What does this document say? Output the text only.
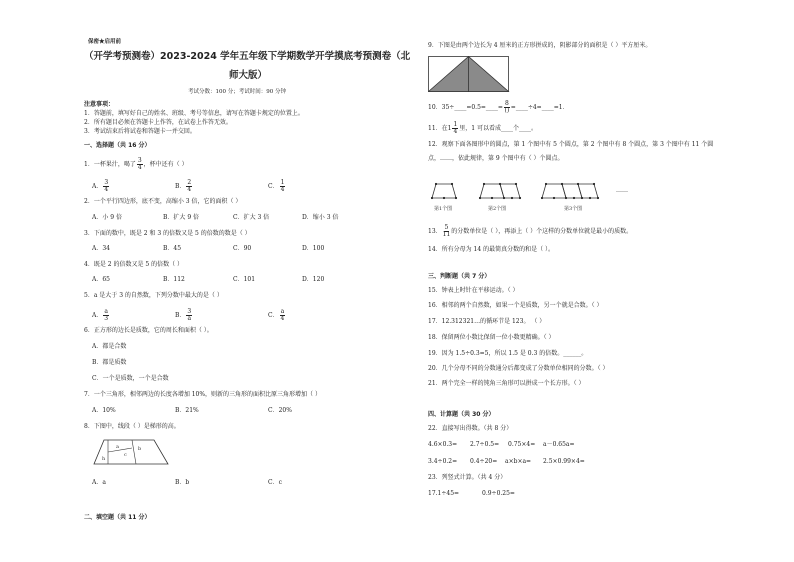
保密★启用前
（开学考预测卷）2023-2024 学年五年级下学期数学开学摸底考预测卷（北
师大版）
考试分数：100 分；考试时间：90 分钟
注意事项：
1．答题前，填写好自己的姓名、班级、考号等信息，请写在答题卡规定的位置上。
2．所有题目必须在答题卡上作答，在试卷上作答无效。
3．考试结束后将试卷和答题卡一并交回。
一、选择题（共 16 分）
1．一杯果汁，喝了 $\frac{3}{4}$ ，杯中还有（ ）
A． $\frac{3}{4}$	B． $\frac{2}{4}$	C． $\frac{1}{4}$
2．一个平行四边形，底不变，高缩小 3 倍，它的面积（ ）
A．小 9 倍	B．扩大 9 倍	C．扩大 3 倍	D．缩小 3 倍
3．下面的数中，既是 2 和 3 的倍数又是 5 的倍数的数是（ ）
A．34	B．45	C．90	D．100
4．既是 2 的倍数又是 5 的倍数（ ）
A．65	B．112	C．101	D．120
5．a 是大于 3 的自然数，下列分数中最大的是（ ）
A． $\frac{a}{3}$	B． $\frac{3}{a}$	C． $\frac{a}{4}$
6．正方形的边长是质数，它的周长和面积（ ）。
A．都是合数
B．都是质数
C．一个是质数，一个是合数
7．一个三角形，相邻两边的长度各增加 10%，则新的三角形的面积比原三角形增加（ ）
A．10%	B．21%	C．20%
8．下图中，线段（ ）是梯形的高。
a	b
c
h
A．a	B．b	C．c
二、填空题（共 11 分）
9．下图是由两个边长为 4 厘米的正方形拼成的，阴影部分的面积是（ ）平方厘米。
10．35÷____=0.5=____= $\frac{8}{()}$ =____÷4=____=1．
11．在$1 \frac{1}{4}$ 里，1 可以看成____个____。
12．观察下面各图形中的圆点，第 1 个图中有 5 个圆点，第 2 个图中有 8 个圆点，第 3 个图中有 11 个圆
点，……，依此规律，第 9 个图中有（ ）个圆点。
第1个图	第2个图	第3个图
……
13． $\frac{5}{11}$ 的分数单位是（ ），再添上（ ）个这样的分数单位就是最小的质数。
14．所有分母为 14 的最简真分数的和是（ ）。
三、判断题（共 7 分）
15．钟表上时针在平移运动。（ ）
16．相邻的两个自然数，如果一个是质数，另一个就是合数。（ ）
17．12.312321…的循环节是 123。 （ ）
18．保留两位小数比保留一位小数更精确。（ ）
19．因为 1.5÷0.3=5，所以 1.5 是 0.3 的倍数。______。
20．几个分母不同的分数通分后都变成了分数单位相同的分数。（ ）
21．两个完全一样的钝角三角形可以拼成一个长方形。（ ）
四、计算题（共 30 分）
22．直接写出得数。（共 8 分）
4.6×0.3= 2.7÷0.5= 0.75×4= a－0.65a=
3.4÷0.2= 0.4÷20= a×b×a= 2.5×0.99×4=
23．列竖式计算。（共 4 分）
17.1÷45=	0.9÷0.25=
